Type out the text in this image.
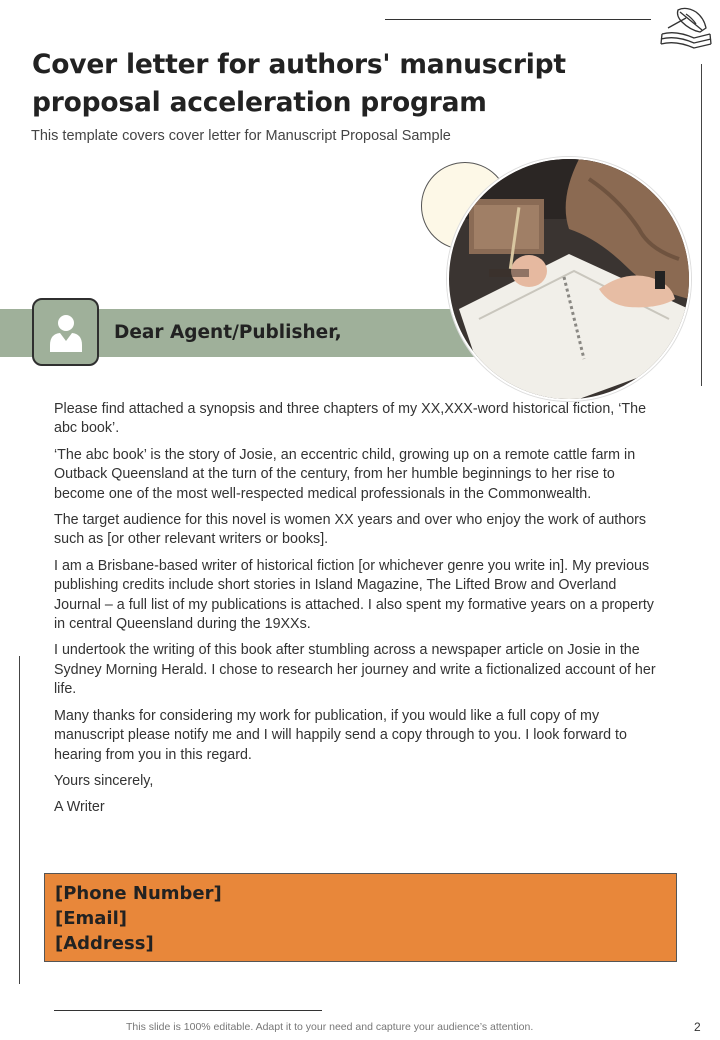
Cover letter for authors' manuscript proposal acceleration program
This template covers cover letter for Manuscript Proposal Sample
Dear Agent/Publisher,

Please find attached a synopsis and three chapters of my XX,XXX-word historical fiction, ‘The abc book’.

‘The abc book’ is the story of Josie, an eccentric child, growing up on a remote cattle farm in Outback Queensland at the turn of the century, from her humble beginnings to her rise to become one of the most well-respected medical professionals in the Commonwealth.

The target audience for this novel is women XX years and over who enjoy the work of authors such as [or other relevant writers or books].

I am a Brisbane-based writer of historical fiction [or whichever genre you write in]. My previous publishing credits include short stories in Island Magazine, The Lifted Brow and Overland Journal – a full list of my publications is attached. I also spent my formative years on a property in central Queensland during the 19XXs.

I undertook the writing of this book after stumbling across a newspaper article on Josie in the Sydney Morning Herald. I chose to research her journey and write a fictionalized account of her life.

Many thanks for considering my work for publication, if you would like a full copy of my manuscript please notify me and I will happily send a copy through to you. I look forward to hearing from you in this regard.

Yours sincerely,

A Writer

[Phone Number]
[Email]
[Address]
This slide is 100% editable. Adapt it to your need and capture your audience’s attention.	2
